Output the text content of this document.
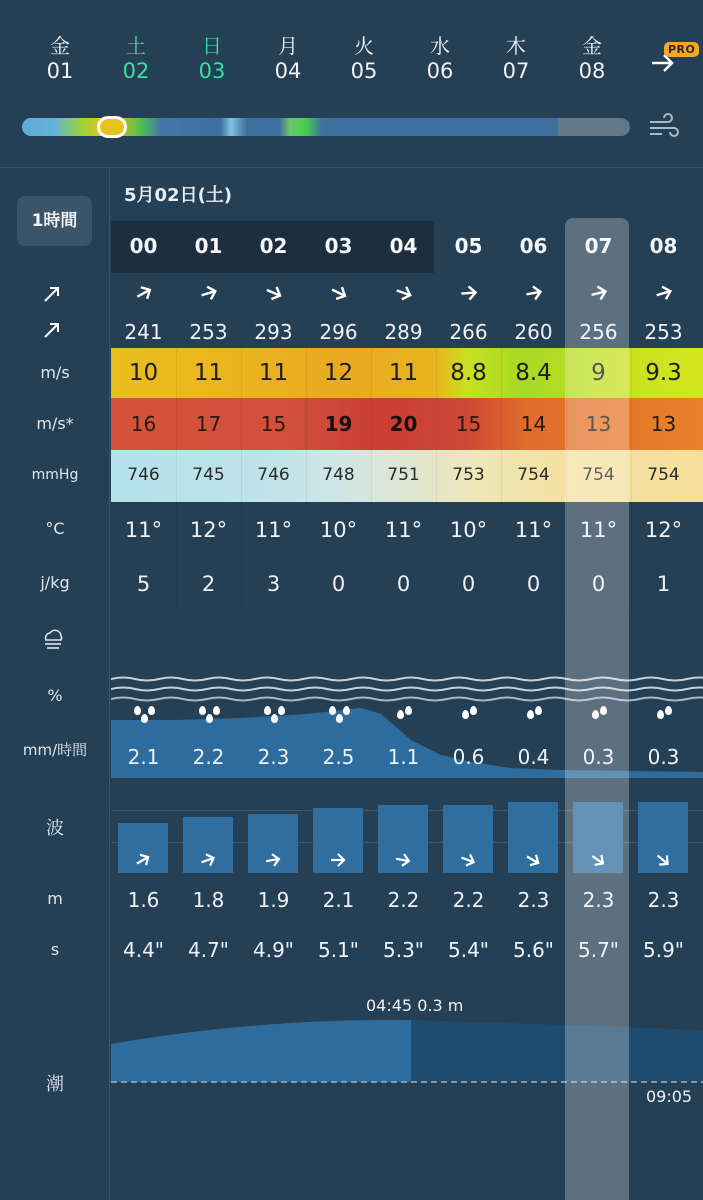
金
01
土
02
日
03
月
04
火
05
水
06
木
07
金
08
PRO
1時間
m/s
m/s*
mmHg
°C
j/kg
%
mm/時間
波
m
s
潮
5月02日(土)
04:45 0.3 m
09:05
00
241
10
16
746
11°
5
2.1
1.6
4.4"
01
253
11
17
745
12°
2
2.2
1.8
4.7"
02
293
11
15
746
11°
3
2.3
1.9
4.9"
03
296
12
19
748
10°
0
2.5
2.1
5.1"
04
289
11
20
751
11°
0
1.1
2.2
5.3"
05
266
8.8
15
753
10°
0
0.6
2.2
5.4"
06
260
8.4
14
754
11°
0
0.4
2.3
5.6"
07
256
9
13
754
11°
0
0.3
2.3
5.7"
08
253
9.3
13
754
12°
1
0.3
2.3
5.9"
